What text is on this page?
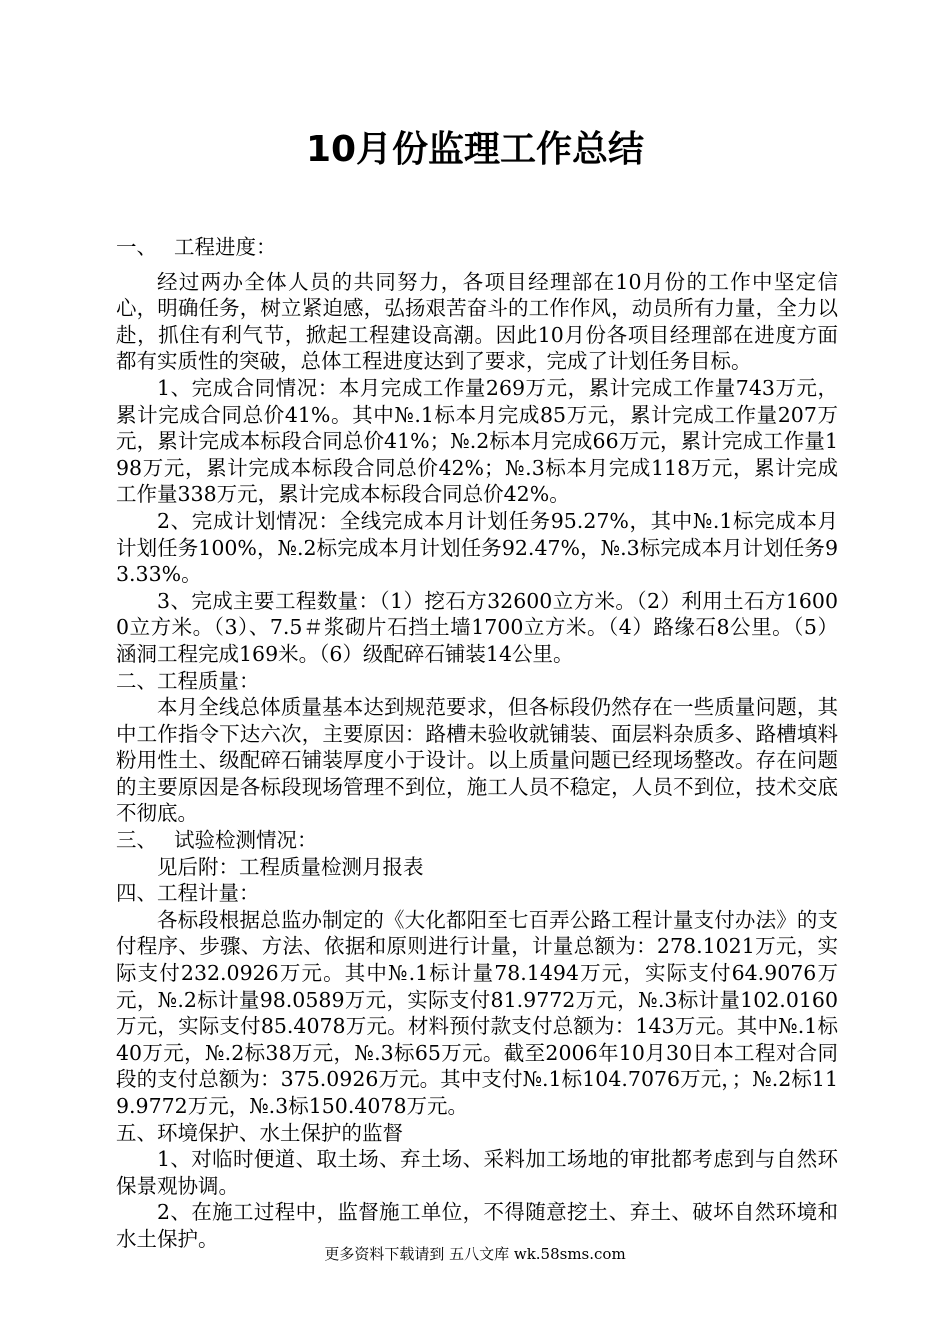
10月份监理工作总结

一、 工程进度：

经过两办全体人员的共同努力，各项目经理部在10月份的工作中坚定信心，明确任务，树立紧迫感，弘扬艰苦奋斗的工作作风，动员所有力量，全力以赴，抓住有利气节，掀起工程建设高潮。因此10月份各项目经理部在进度方面都有实质性的突破，总体工程进度达到了要求，完成了计划任务目标。

1、完成合同情况：本月完成工作量269万元，累计完成工作量743万元，累计完成合同总价41%。其中№.1标本月完成85万元，累计完成工作量207万元，累计完成本标段合同总价41%；№.2标本月完成66万元，累计完成工作量198万元，累计完成本标段合同总价42%；№.3标本月完成118万元，累计完成工作量338万元，累计完成本标段合同总价42%。

2、完成计划情况：全线完成本月计划任务95.27%，其中№.1标完成本月计划任务100%，№.2标完成本月计划任务92.47%，№.3标完成本月计划任务93.33%。

3、完成主要工程数量：（1）挖石方32600立方米。（2）利用土石方16000立方米。（3）、7.5＃浆砌片石挡土墙1700立方米。（4）路缘石8公里。（5）涵洞工程完成169米。（6）级配碎石铺装14公里。

二、工程质量：

本月全线总体质量基本达到规范要求，但各标段仍然存在一些质量问题，其中工作指令下达六次，主要原因：路槽未验收就铺装、面层料杂质多、路槽填料粉用性土、级配碎石铺装厚度小于设计。以上质量问题已经现场整改。存在问题的主要原因是各标段现场管理不到位，施工人员不稳定，人员不到位，技术交底不彻底。

三、 试验检测情况：

见后附：工程质量检测月报表

四、工程计量：

各标段根据总监办制定的《大化都阳至七百弄公路工程计量支付办法》的支付程序、步骤、方法、依据和原则进行计量，计量总额为：278.1021万元，实际支付232.0926万元。其中№.1标计量78.1494万元，实际支付64.9076万元，№.2标计量98.0589万元，实际支付81.9772万元，№.3标计量102.0160万元，实际支付85.4078万元。材料预付款支付总额为：143万元。其中№.1标40万元，№.2标38万元，№.3标65万元。截至2006年10月30日本工程对合同段的支付总额为：375.0926万元。其中支付№.1标104.7076万元，；№.2标119.9772万元，№.3标150.4078万元。

五、环境保护、水土保护的监督

1、对临时便道、取土场、弃土场、采料加工场地的审批都考虑到与自然环保景观协调。

2、在施工过程中，监督施工单位，不得随意挖土、弃土、破坏自然环境和水土保护。

更多资料下载请到 五八文库 wk.58sms.com
